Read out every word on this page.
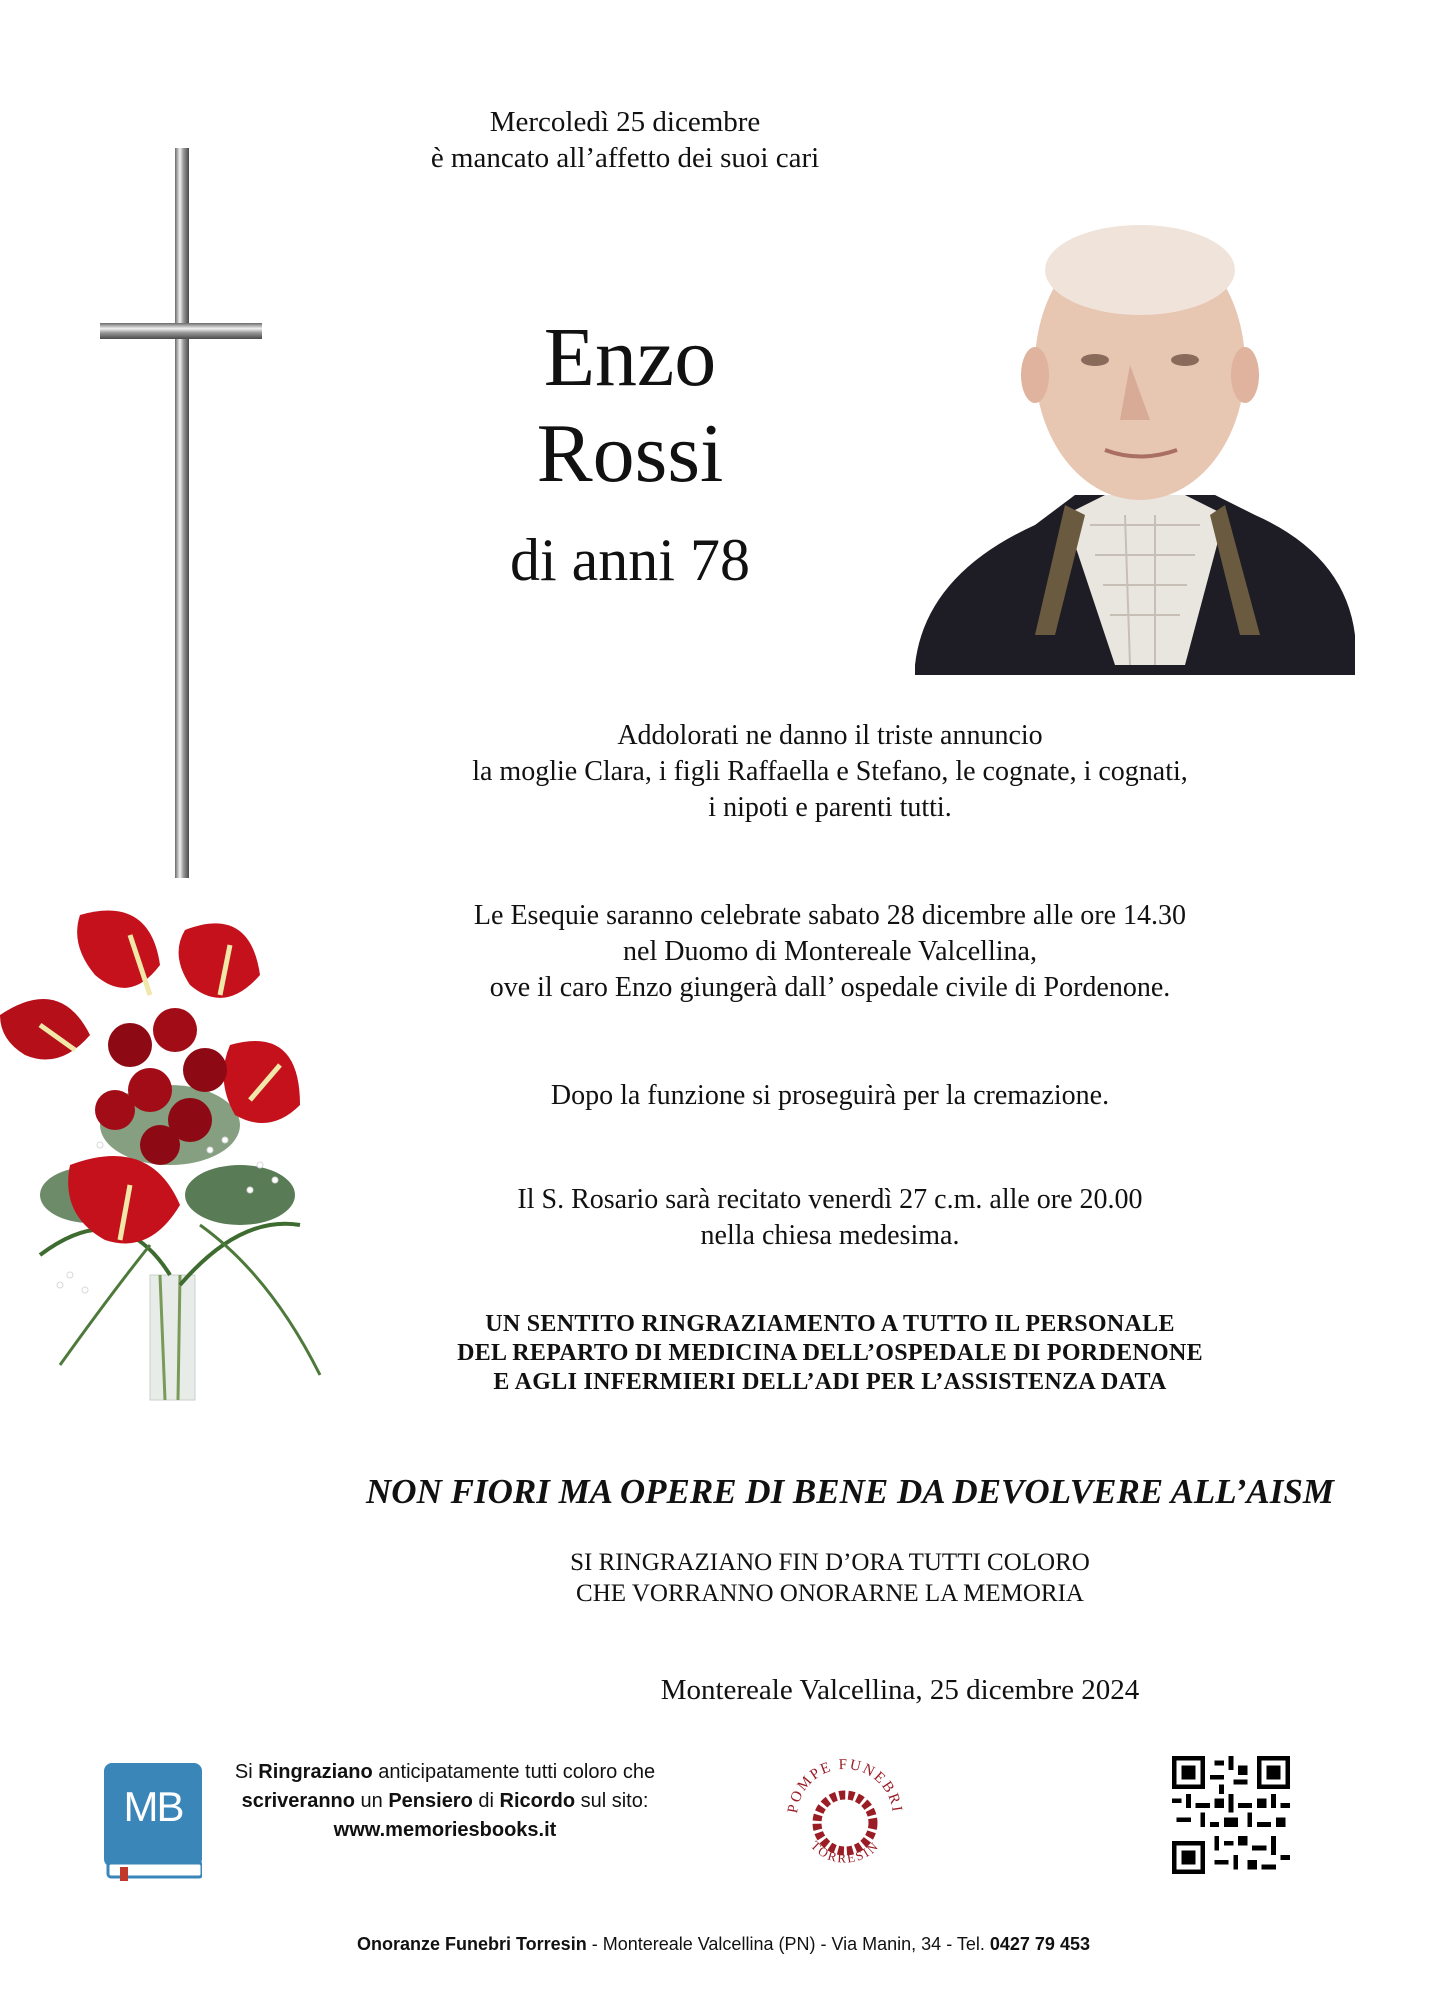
Mercoledì 25 dicembre
è mancato all’affetto dei suoi cari
Enzo
Rossi
di anni 78
Addolorati ne danno il triste annuncio
la moglie Clara, i figli Raffaella e Stefano, le cognate, i cognati,
i nipoti e parenti tutti.
Le Esequie saranno celebrate sabato 28 dicembre alle ore 14.30
nel Duomo di Montereale Valcellina,
ove il caro Enzo giungerà dall’ ospedale civile di Pordenone.
Dopo la funzione si proseguirà per la cremazione.
Il S. Rosario sarà recitato venerdì 27 c.m. alle ore 20.00
nella chiesa medesima.
UN SENTITO RINGRAZIAMENTO A TUTTO IL PERSONALE
DEL REPARTO DI MEDICINA DELL’OSPEDALE DI PORDENONE
E AGLI INFERMIERI DELL’ADI PER L’ASSISTENZA DATA
NON FIORI MA OPERE DI BENE DA DEVOLVERE ALL’AISM
SI RINGRAZIANO FIN D’ORA TUTTI COLORO
CHE VORRANNO ONORARNE LA MEMORIA
Montereale Valcellina, 25 dicembre 2024
MB
Si Ringraziano anticipatamente tutti coloro che
scriveranno un Pensiero di Ricordo sul sito:
www.memoriesbooks.it
POMPE FUNEBRI
TORRESIN
Onoranze Funebri Torresin - Montereale Valcellina (PN) - Via Manin, 34 - Tel. 0427 79 453
